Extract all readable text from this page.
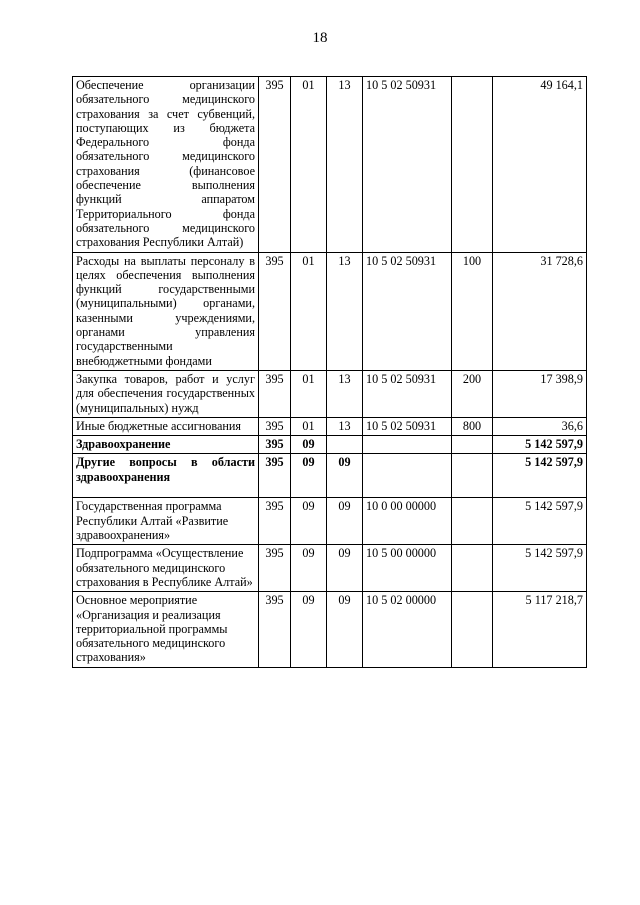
18
Обеспечение организации обязательного медицинского страхования за счет субвенций, поступающих из бюджета Федерального фонда обязательного медицинского страхования (финансовое обеспечение выполнения функций аппаратом Территориального фонда обязательного медицинского страхования Республики Алтай)	395	01	13	10 5 02 50931		49 164,1
Расходы на выплаты персоналу в целях обеспечения выполнения функций государственными (муниципальными) органами, казенными учреждениями, органами управления государственными внебюджетными фондами	395	01	13	10 5 02 50931	100	31 728,6
Закупка товаров, работ и услуг для обеспечения государственных (муниципальных) нужд	395	01	13	10 5 02 50931	200	17 398,9
Иные бюджетные ассигнования	395	01	13	10 5 02 50931	800	36,6
Здравоохранение	395	09				5 142 597,9
Другие вопросы в области здравоохранения	395	09	09			5 142 597,9
Государственная программа Республики Алтай «Развитие здравоохранения»	395	09	09	10 0 00 00000		5 142 597,9
Подпрограмма «Осуществление обязательного медицинского страхования в Республике Алтай»	395	09	09	10 5 00 00000		5 142 597,9
Основное мероприятие «Организация и реализация территориальной программы обязательного медицинского страхования»	395	09	09	10 5 02 00000		5 117 218,7
